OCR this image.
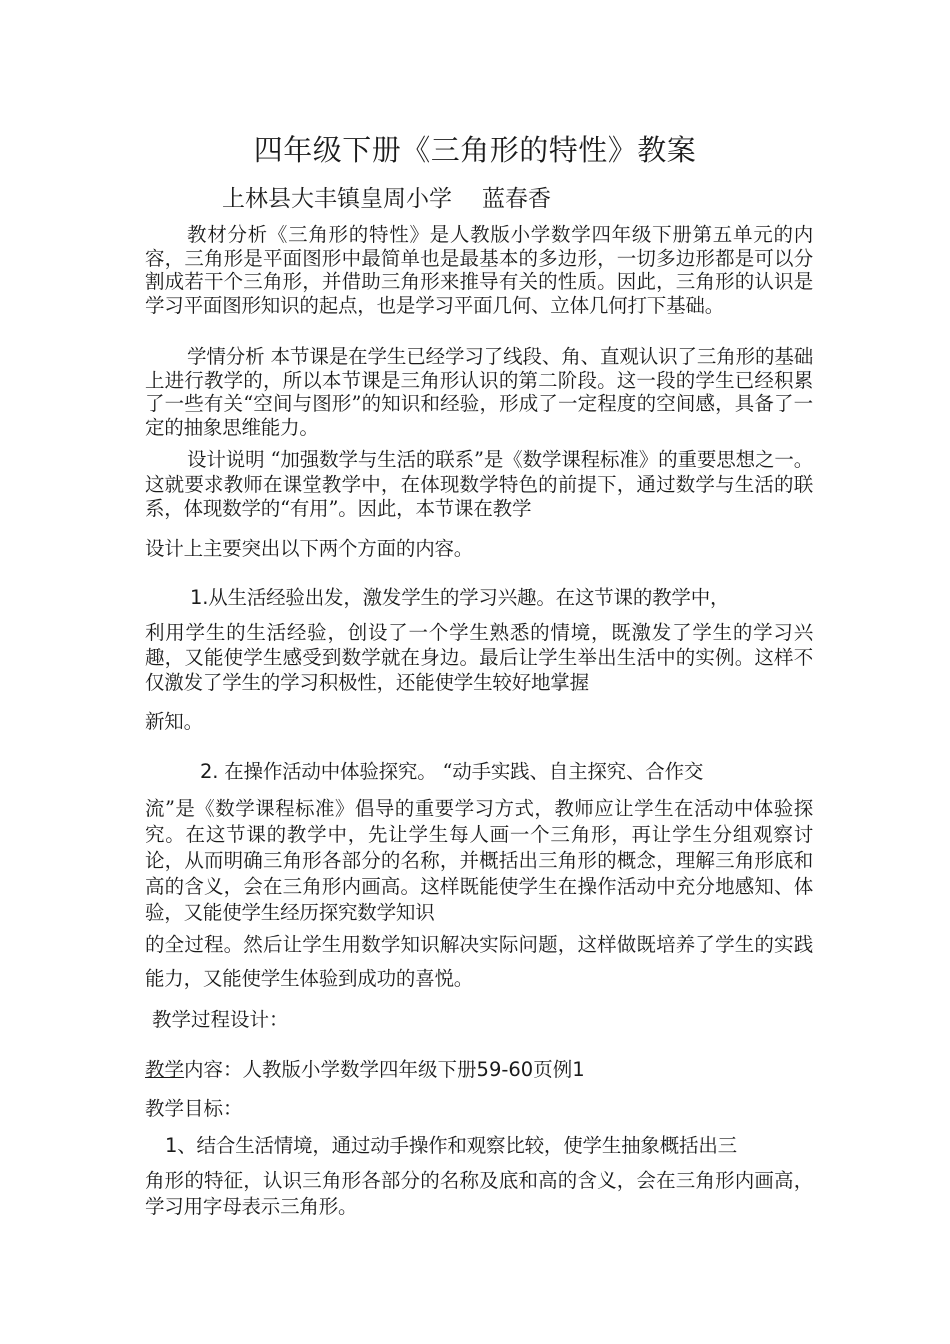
四年级下册《三角形的特性》教案
上林县大丰镇皇周小学 蓝春香
教材分析《三角形的特性》是人教版小学数学四年级下册第五单元的内容，三角形是平面图形中最简单也是最基本的多边形，一切多边形都是可以分割成若干个三角形，并借助三角形来推导有关的性质。因此，三角形的认识是学习平面图形知识的起点，也是学习平面几何、立体几何打下基础。
学情分析 本节课是在学生已经学习了线段、角、直观认识了三角形的基础上进行教学的，所以本节课是三角形认识的第二阶段。这一段的学生已经积累了一些有关“空间与图形”的知识和经验，形成了一定程度的空间感，具备了一定的抽象思维能力。
设计说明 “加强数学与生活的联系”是《数学课程标准》的重要思想之一。这就要求教师在课堂教学中，在体现数学特色的前提下，通过数学与生活的联系，体现数学的“有用”。因此，本节课在教学
设计上主要突出以下两个方面的内容。
1.从生活经验出发，激发学生的学习兴趣。在这节课的教学中，
利用学生的生活经验，创设了一个学生熟悉的情境，既激发了学生的学习兴趣，又能使学生感受到数学就在身边。最后让学生举出生活中的实例。这样不仅激发了学生的学习积极性，还能使学生较好地掌握
新知。
2. 在操作活动中体验探究。 “动手实践、自主探究、合作交
流”是《数学课程标准》倡导的重要学习方式，教师应让学生在活动中体验探究。在这节课的教学中，先让学生每人画一个三角形，再让学生分组观察讨论，从而明确三角形各部分的名称，并概括出三角形的概念，理解三角形底和高的含义，会在三角形内画高。这样既能使学生在操作活动中充分地感知、体验，又能使学生经历探究数学知识
的全过程。然后让学生用数学知识解决实际问题，这样做既培养了学生的实践能力，又能使学生体验到成功的喜悦。
教学过程设计：
教学内容：人教版小学数学四年级下册59-60页例1
教学目标：
1、结合生活情境，通过动手操作和观察比较，使学生抽象概括出三
角形的特征，认识三角形各部分的名称及底和高的含义，会在三角形内画高，学习用字母表示三角形。
